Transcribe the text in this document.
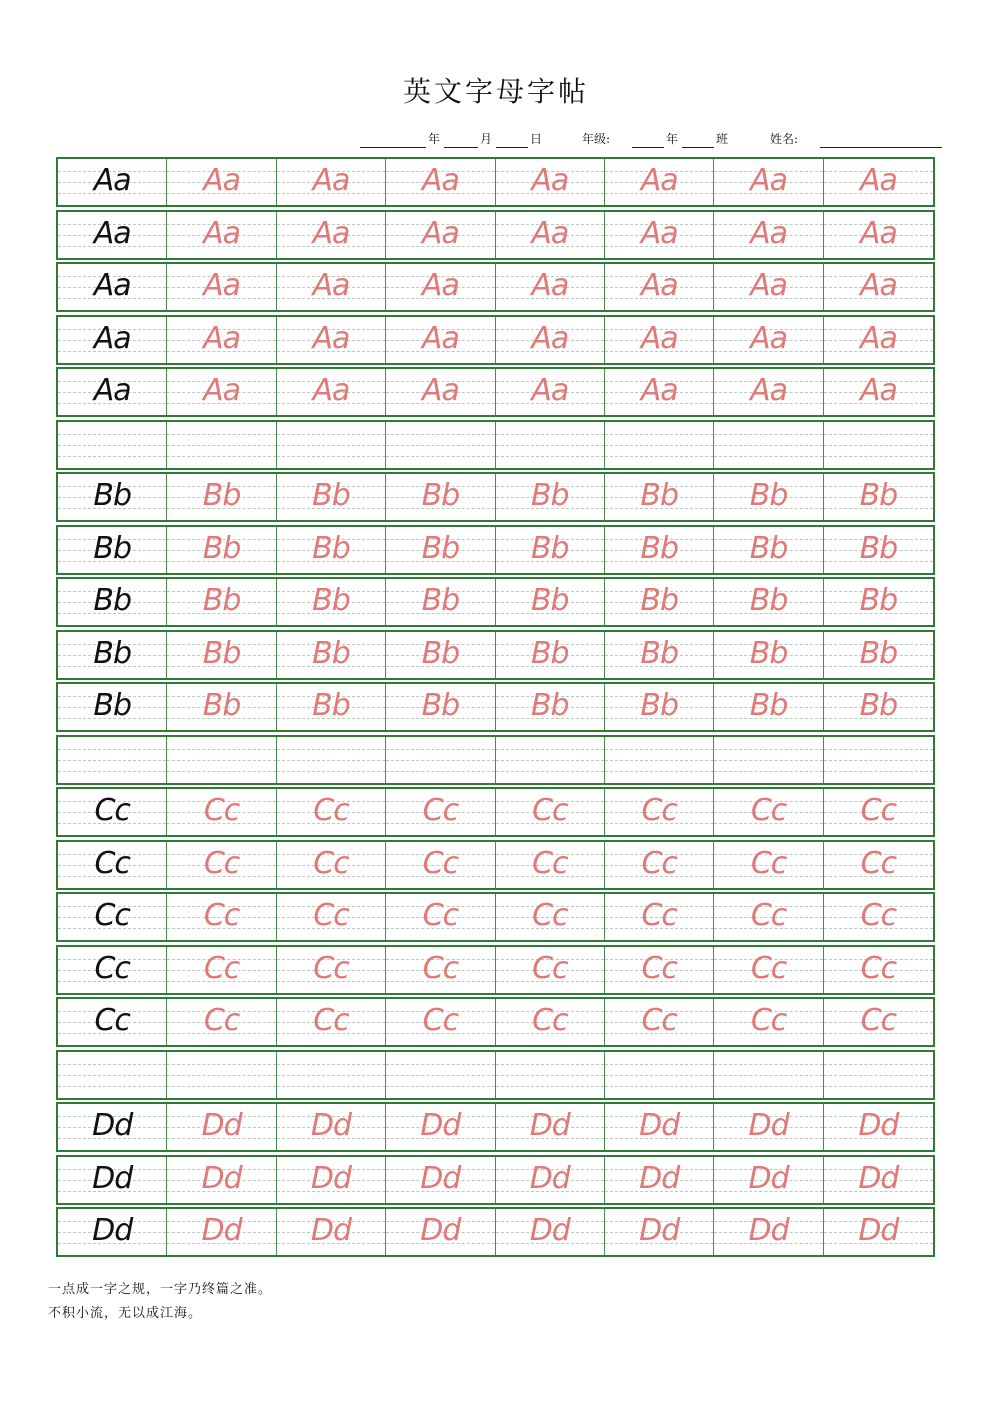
英文字母字帖
年	月	日	年级:	年	班	姓名:
Aa	Aa	Aa	Aa	Aa	Aa	Aa	Aa
Aa	Aa	Aa	Aa	Aa	Aa	Aa	Aa
Aa	Aa	Aa	Aa	Aa	Aa	Aa	Aa
Aa	Aa	Aa	Aa	Aa	Aa	Aa	Aa
Aa	Aa	Aa	Aa	Aa	Aa	Aa	Aa
Bb	Bb	Bb	Bb	Bb	Bb	Bb	Bb
Bb	Bb	Bb	Bb	Bb	Bb	Bb	Bb
Bb	Bb	Bb	Bb	Bb	Bb	Bb	Bb
Bb	Bb	Bb	Bb	Bb	Bb	Bb	Bb
Bb	Bb	Bb	Bb	Bb	Bb	Bb	Bb
Cc	Cc	Cc	Cc	Cc	Cc	Cc	Cc
Cc	Cc	Cc	Cc	Cc	Cc	Cc	Cc
Cc	Cc	Cc	Cc	Cc	Cc	Cc	Cc
Cc	Cc	Cc	Cc	Cc	Cc	Cc	Cc
Cc	Cc	Cc	Cc	Cc	Cc	Cc	Cc
Dd	Dd	Dd	Dd	Dd	Dd	Dd	Dd
Dd	Dd	Dd	Dd	Dd	Dd	Dd	Dd
Dd	Dd	Dd	Dd	Dd	Dd	Dd	Dd
一点成一字之规，一字乃终篇之准。
不积小流，无以成江海。
